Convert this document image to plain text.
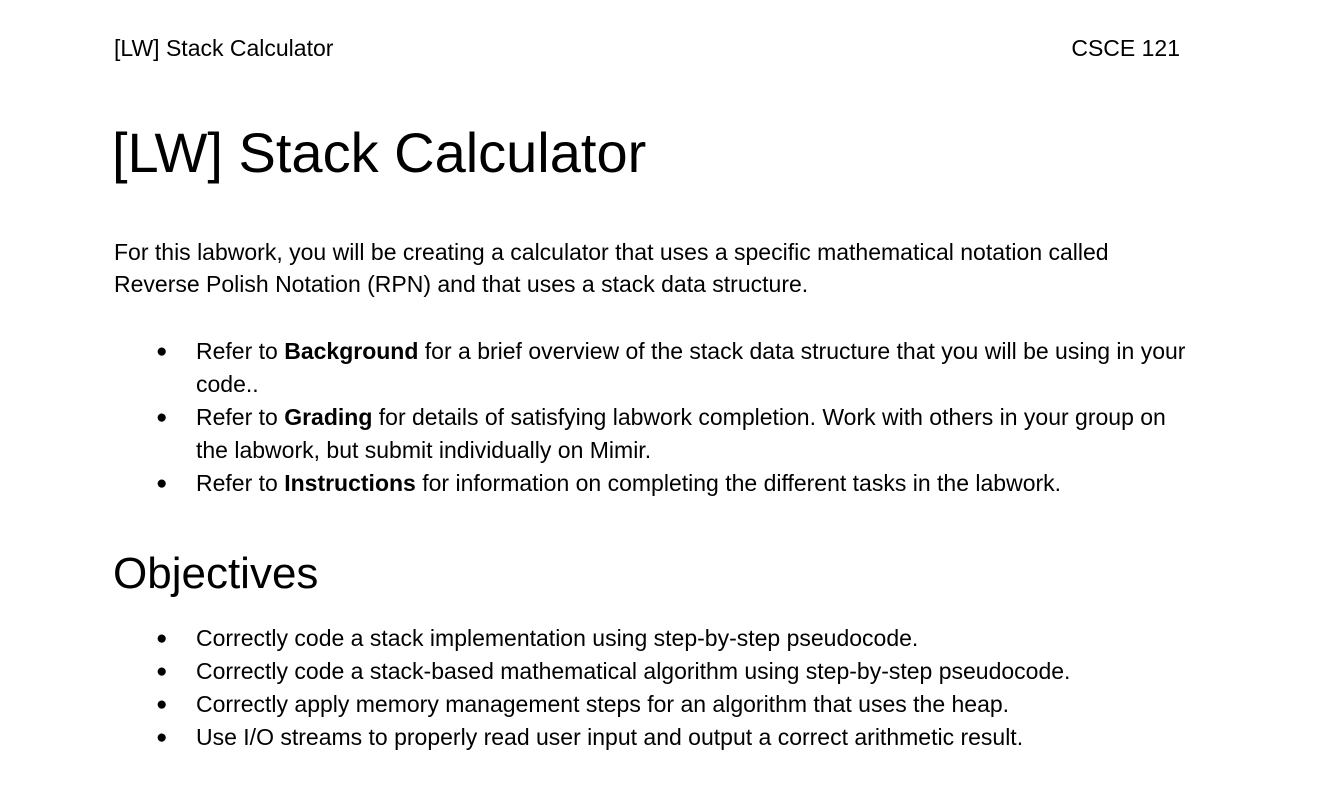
[LW] Stack Calculator	CSCE 121
[LW] Stack Calculator

For this labwork, you will be creating a calculator that uses a specific mathematical notation called Reverse Polish Notation (RPN) and that uses a stack data structure.

● Refer to Background for a brief overview of the stack data structure that you will be using in your code..
● Refer to Grading for details of satisfying labwork completion. Work with others in your group on the labwork, but submit individually on Mimir.
● Refer to Instructions for information on completing the different tasks in the labwork.
Objectives
● Correctly code a stack implementation using step-by-step pseudocode.
● Correctly code a stack-based mathematical algorithm using step-by-step pseudocode.
● Correctly apply memory management steps for an algorithm that uses the heap.
● Use I/O streams to properly read user input and output a correct arithmetic result.
